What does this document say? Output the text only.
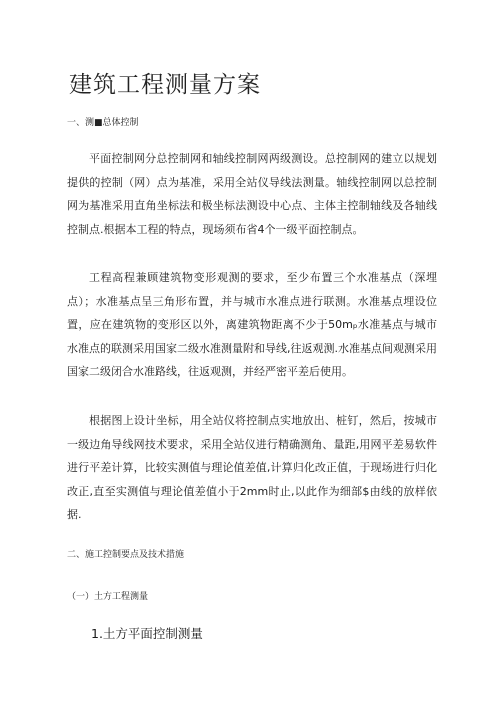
建筑工程测量方案

一、测■总体控制

平面控制网分总控制网和轴线控制网两级测设。总控制网的建立以规划提供的控制（网）点为基准，采用全站仪导线法测量。轴线控制网以总控制网为基准采用直角坐标法和极坐标法测设中心点、主体主控制轴线及各轴线控制点.根据本工程的特点，现场须布省4个一级平面控制点。

工程高程兼顾建筑物变形观测的要求，至少布置三个水准基点（深埋点）；水准基点呈三角形布置，并与城市水准点进行联测。水准基点埋设位置，应在建筑物的变形区以外，离建筑物距离不少于50mₚ水准基点与城市水准点的联测采用国家二级水准测量附和导线,往返观测.水准基点间观测采用国家二级闭合水准路线，往返观测，并经严密平差后使用。

根据图上设计坐标，用全站仪将控制点实地放出、桩钉，然后，按城市一级边角导线网技术要求，采用全站仪进行精确测角、量距,用网平差易软件进行平差计算，比较实测值与理论值差值,计算归化改正值，于现场进行归化改正,直至实测值与理论值差值小于2mm时止,以此作为细部$由线的放样依据.

二、施工控制要点及技术措施

（一）土方工程测量

1.土方平面控制测量
